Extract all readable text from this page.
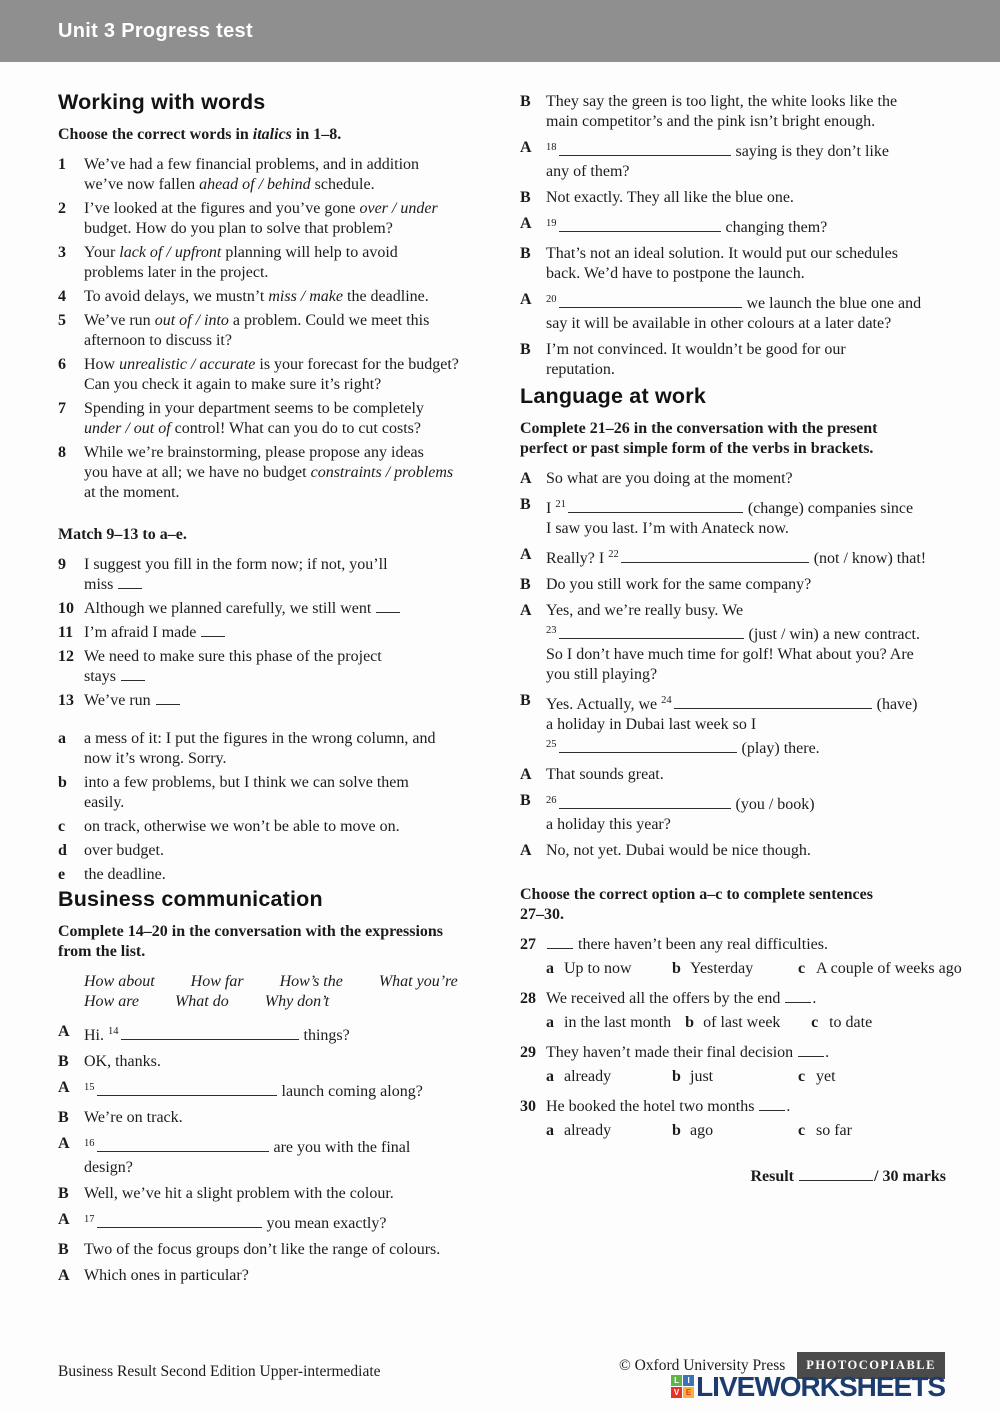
Unit 3 Progress test
Working with words

Choose the correct words in italics in 1–8.

1	We’ve had a few financial problems, and in addition
we’ve now fallen ahead of / behind schedule.
2	I’ve looked at the figures and you’ve gone over / under
budget. How do you plan to solve that problem?
3	Your lack of / upfront planning will help to avoid
problems later in the project.
4	To avoid delays, we mustn’t miss / make the deadline.
5	We’ve run out of / into a problem. Could we meet this
afternoon to discuss it?
6	How unrealistic / accurate is your forecast for the budget?
Can you check it again to make sure it’s right?
7	Spending in your department seems to be completely
under / out of control! What can you do to cut costs?
8	While we’re brainstorming, please propose any ideas
you have at all; we have no budget constraints / problems
at the moment.

Match 9–13 to a–e.

9	I suggest you fill in the form now; if not, you’ll
miss
10 Although we planned carefully, we still went
11 I’m afraid I made
12 We need to make sure this phase of the project
stays
13 We’ve run
a	a mess of it: I put the figures in the wrong column, and
now it’s wrong. Sorry.
b	into a few problems, but I think we can solve them
easily.
c	on track, otherwise we won’t be able to move on.
d	over budget.
e	the deadline.
Business communication

Complete 14–20 in the conversation with the expressions
from the list.

How about How far How’s the What you’re
How are What do Why don’t
A Hi. $^{14}$	things?
B OK, thanks.
A	$^{15}$	launch coming along?
B We’re on track.
A	$^{16}$	are you with the final
design?
B Well, we’ve hit a slight problem with the colour.
A	$^{17}$	you mean exactly?
B Two of the focus groups don’t like the range of colours.
A Which ones in particular?
B They say the green is too light, the white looks like the
main competitor’s and the pink isn’t bright enough.
A	$^{18}$	saying is they don’t like
any of them?
B Not exactly. They all like the blue one.
A	$^{19}$	changing them?
B That’s not an ideal solution. It would put our schedules
back. We’d have to postpone the launch.
A	$^{20}$	we launch the blue one and
say it will be available in other colours at a later date?
B I’m not convinced. It wouldn’t be good for our
reputation.
Language at work

Complete 21–26 in the conversation with the present
perfect or past simple form of the verbs in brackets.

A So what are you doing at the moment?
B I $^{21}$	(change) companies since
I saw you last. I’m with Anateck now.
A Really? I $^{22}$	(not / know) that!
B Do you still work for the same company?
A Yes, and we’re really busy. We
$^{23}$	(just / win) a new contract.
So I don’t have much time for golf! What about you? Are
you still playing?
B Yes. Actually, we $^{24}$	(have)
a holiday in Dubai last week so I
$^{25}$	(play) there.
A That sounds great.
B	$^{26}$	(you / book)
a holiday this year?
A No, not yet. Dubai would be nice though.

Choose the correct option a–c to complete sentences
27–30.

27	there haven’t been any real difficulties.
a Up to now	b Yesterday	c A couple of weeks ago
28 We received all the offers by the end .
a in the last month b of last week c to date
29 They haven’t made their final decision .
a already	b just	c yet
30 He booked the hotel two months .
a already	b ago	c so far

Result	/ 30 marks

Business Result Second Edition Upper-intermediate	© Oxford University Press	PHOTOCOPIABLE
L	I
V E LIVEWORKSHEETS
